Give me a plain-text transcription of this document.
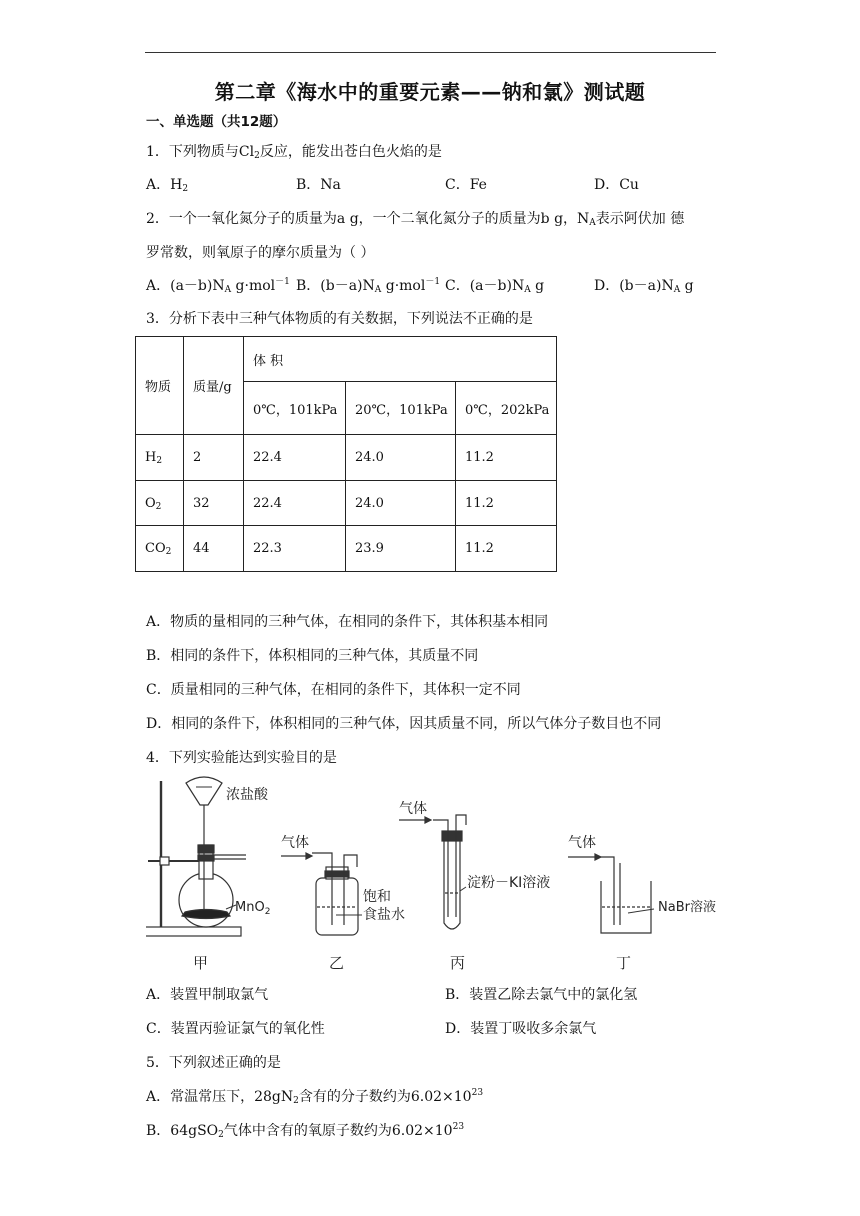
第二章《海水中的重要元素——钠和氯》测试题
一、单选题（共12题）
1．下列物质与$Cl_2$反应，能发出苍白色火焰的是
A．$H_2$	B．Na	C．Fe	D．Cu
2．一个一氧化氮分子的质量为a g，一个二氧化氮分子的质量为b g，$N_A$表示阿伏加 德
罗常数，则氧原子的摩尔质量为（ ）
A．$(a-b)N_A$ g·mol$^{-1}$ B．$(b-a)N_A$ g·mol$^{-1}$ C．$(a-b)N_A$ g	D．$(b-a)N_A$ g
3．分析下表中三种气体物质的有关数据，下列说法不正确的是
物质	质量/g	体 积		
		0℃，101kPa	20℃，101kPa	0℃，202kPa
$H_2$	2	22.4	24.0	11.2
$O_2$	32	22.4	24.0	11.2
$CO_2$	44	22.3	23.9	11.2
A．物质的量相同的三种气体，在相同的条件下，其体积基本相同
B．相同的条件下，体积相同的三种气体，其质量不同
C．质量相同的三种气体，在相同的条件下，其体积一定不同
D．相同的条件下，体积相同的三种气体，因其质量不同，所以气体分子数目也不同
4．下列实验能达到实验目的是
浓盐酸
MnO$_2$
甲
气体
饱和
食盐水
乙
气体
淀粉－KI溶液
丙
气体
NaBr溶液
丁
A．装置甲制取氯气	B．装置乙除去氯气中的氯化氢
C．装置丙验证氯气的氧化性	D．装置丁吸收多余氯气
5．下列叙述正确的是
A．常温常压下，$28gN_2$含有的分子数约为$6.02\times 10^{23}$
B．64gSO$_2$气体中含有的氧原子数约为$6.02\times 10^{23}$
